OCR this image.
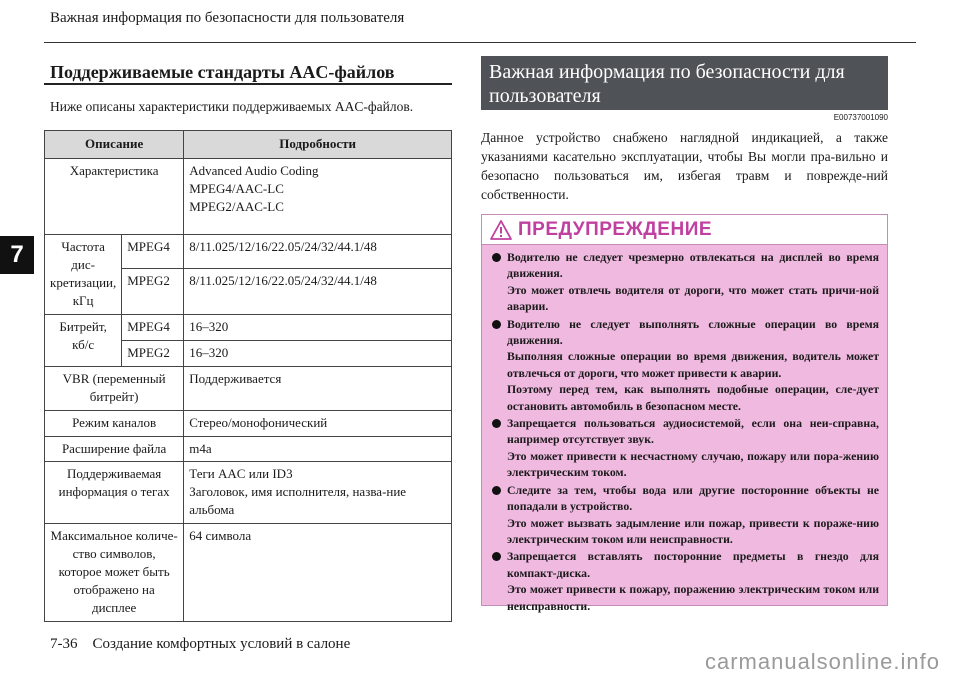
Важная информация по безопасности для пользователя
7
Поддерживаемые стандарты AAC-файлов
Ниже описаны характеристики поддерживаемых AAC-файлов.
Описание		Подробности
Характеристика		Advanced Audio Coding
MPEG4/AAC-LC
MPEG2/AAC-LC

Частота дис-кретизации, кГц	MPEG4	8/11.025/12/16/22.05/24/32/44.1/48
	MPEG2	8/11.025/12/16/22.05/24/32/44.1/48
Битрейт, кб/с	MPEG4	16–320
	MPEG2	16–320
VBR (переменный битрейт)		Поддерживается
Режим каналов		Стерео/монофонический
Расширение файла		m4a
Поддерживаемая информация о тегах		Теги AAC или ID3
Заголовок, имя исполнителя, назва-ние альбома

Максимальное количе-ство символов, которое может быть отображено на дисплее		64 символа
Важная информация по безопасности для пользователя
E00737001090
Данное устройство снабжено наглядной индикацией, а также указаниями касательно эксплуатации, чтобы Вы могли пра-вильно и безопасно пользоваться им, избегая травм и поврежде-ний собственности.
ПРЕДУПРЕЖДЕНИЕ

Водителю не следует чрезмерно отвлекаться на дисплей во время движения.

Это может отвлечь водителя от дороги, что может стать причи-ной аварии.

Водителю не следует выполнять сложные операции во время движения.

Выполняя сложные операции во время движения, водитель может отвлечься от дороги, что может привести к аварии.

Поэтому перед тем, как выполнять подобные операции, сле-дует остановить автомобиль в безопасном месте.

Запрещается пользоваться аудиосистемой, если она неи-справна, например отсутствует звук.

Это может привести к несчастному случаю, пожару или пора-жению электрическим током.

Следите за тем, чтобы вода или другие посторонние объекты не попадали в устройство.

Это может вызвать задымление или пожар, привести к пораже-нию электрическим током или неисправности.

Запрещается вставлять посторонние предметы в гнездо для компакт-диска.

Это может привести к пожару, поражению электрическим током или неисправности.

7-36    Создание комфортных условий в салоне
carmanualsonline.info
